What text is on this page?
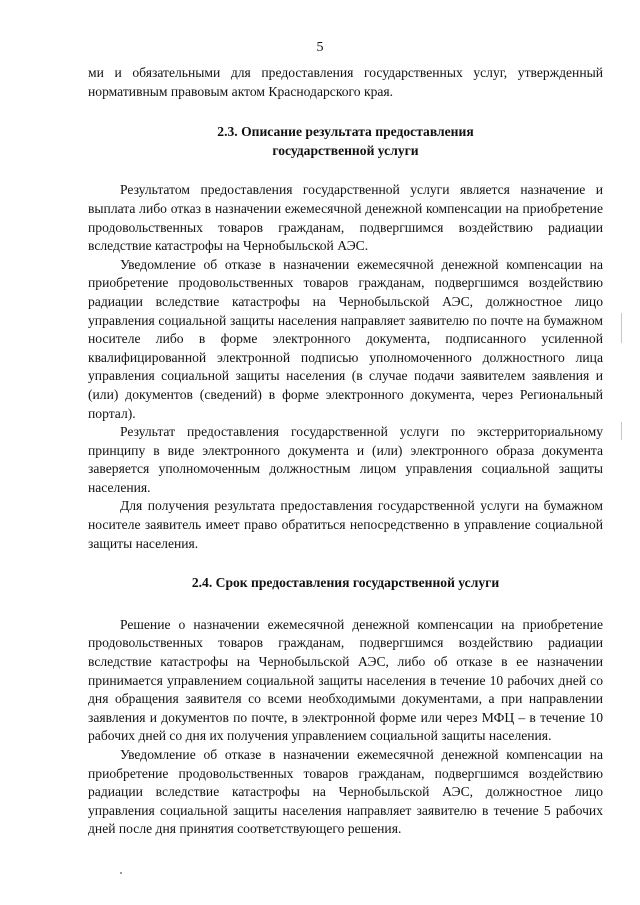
5

ми и обязательными для предоставления государственных услуг, утвержденный нормативным правовым актом Краснодарского края.

2.3. Описание результата предоставления
государственной услуги

Результатом предоставления государственной услуги является назначение и выплата либо отказ в назначении ежемесячной денежной компенсации на приобретение продовольственных товаров гражданам, подвергшимся воздействию радиации вследствие катастрофы на Чернобыльской АЭС.

Уведомление об отказе в назначении ежемесячной денежной компенсации на приобретение продовольственных товаров гражданам, подвергшимся воздействию радиации вследствие катастрофы на Чернобыльской АЭС, должностное лицо управления социальной защиты населения направляет заявителю по почте на бумажном носителе либо в форме электронного документа, подписанного усиленной квалифицированной электронной подписью уполномоченного должностного лица управления социальной защиты населения (в случае подачи заявителем заявления и (или) документов (сведений) в форме электронного документа, через Региональный портал).

Результат предоставления государственной услуги по экстерриториальному принципу в виде электронного документа и (или) электронного образа документа заверяется уполномоченным должностным лицом управления социальной защиты населения.

Для получения результата предоставления государственной услуги на бумажном носителе заявитель имеет право обратиться непосредственно в управление социальной защиты населения.

2.4. Срок предоставления государственной услуги

Решение о назначении ежемесячной денежной компенсации на приобретение продовольственных товаров гражданам, подвергшимся воздействию радиации вследствие катастрофы на Чернобыльской АЭС, либо об отказе в ее назначении принимается управлением социальной защиты населения в течение 10 рабочих дней со дня обращения заявителя со всеми необходимыми документами, а при направлении заявления и документов по почте, в электронной форме или через МФЦ – в течение 10 рабочих дней со дня их получения управлением социальной защиты населения.

Уведомление об отказе в назначении ежемесячной денежной компенсации на приобретение продовольственных товаров гражданам, подвергшимся воздействию радиации вследствие катастрофы на Чернобыльской АЭС, должностное лицо управления социальной защиты населения направляет заявителю в течение 5 рабочих дней после дня принятия соответствующего решения.
